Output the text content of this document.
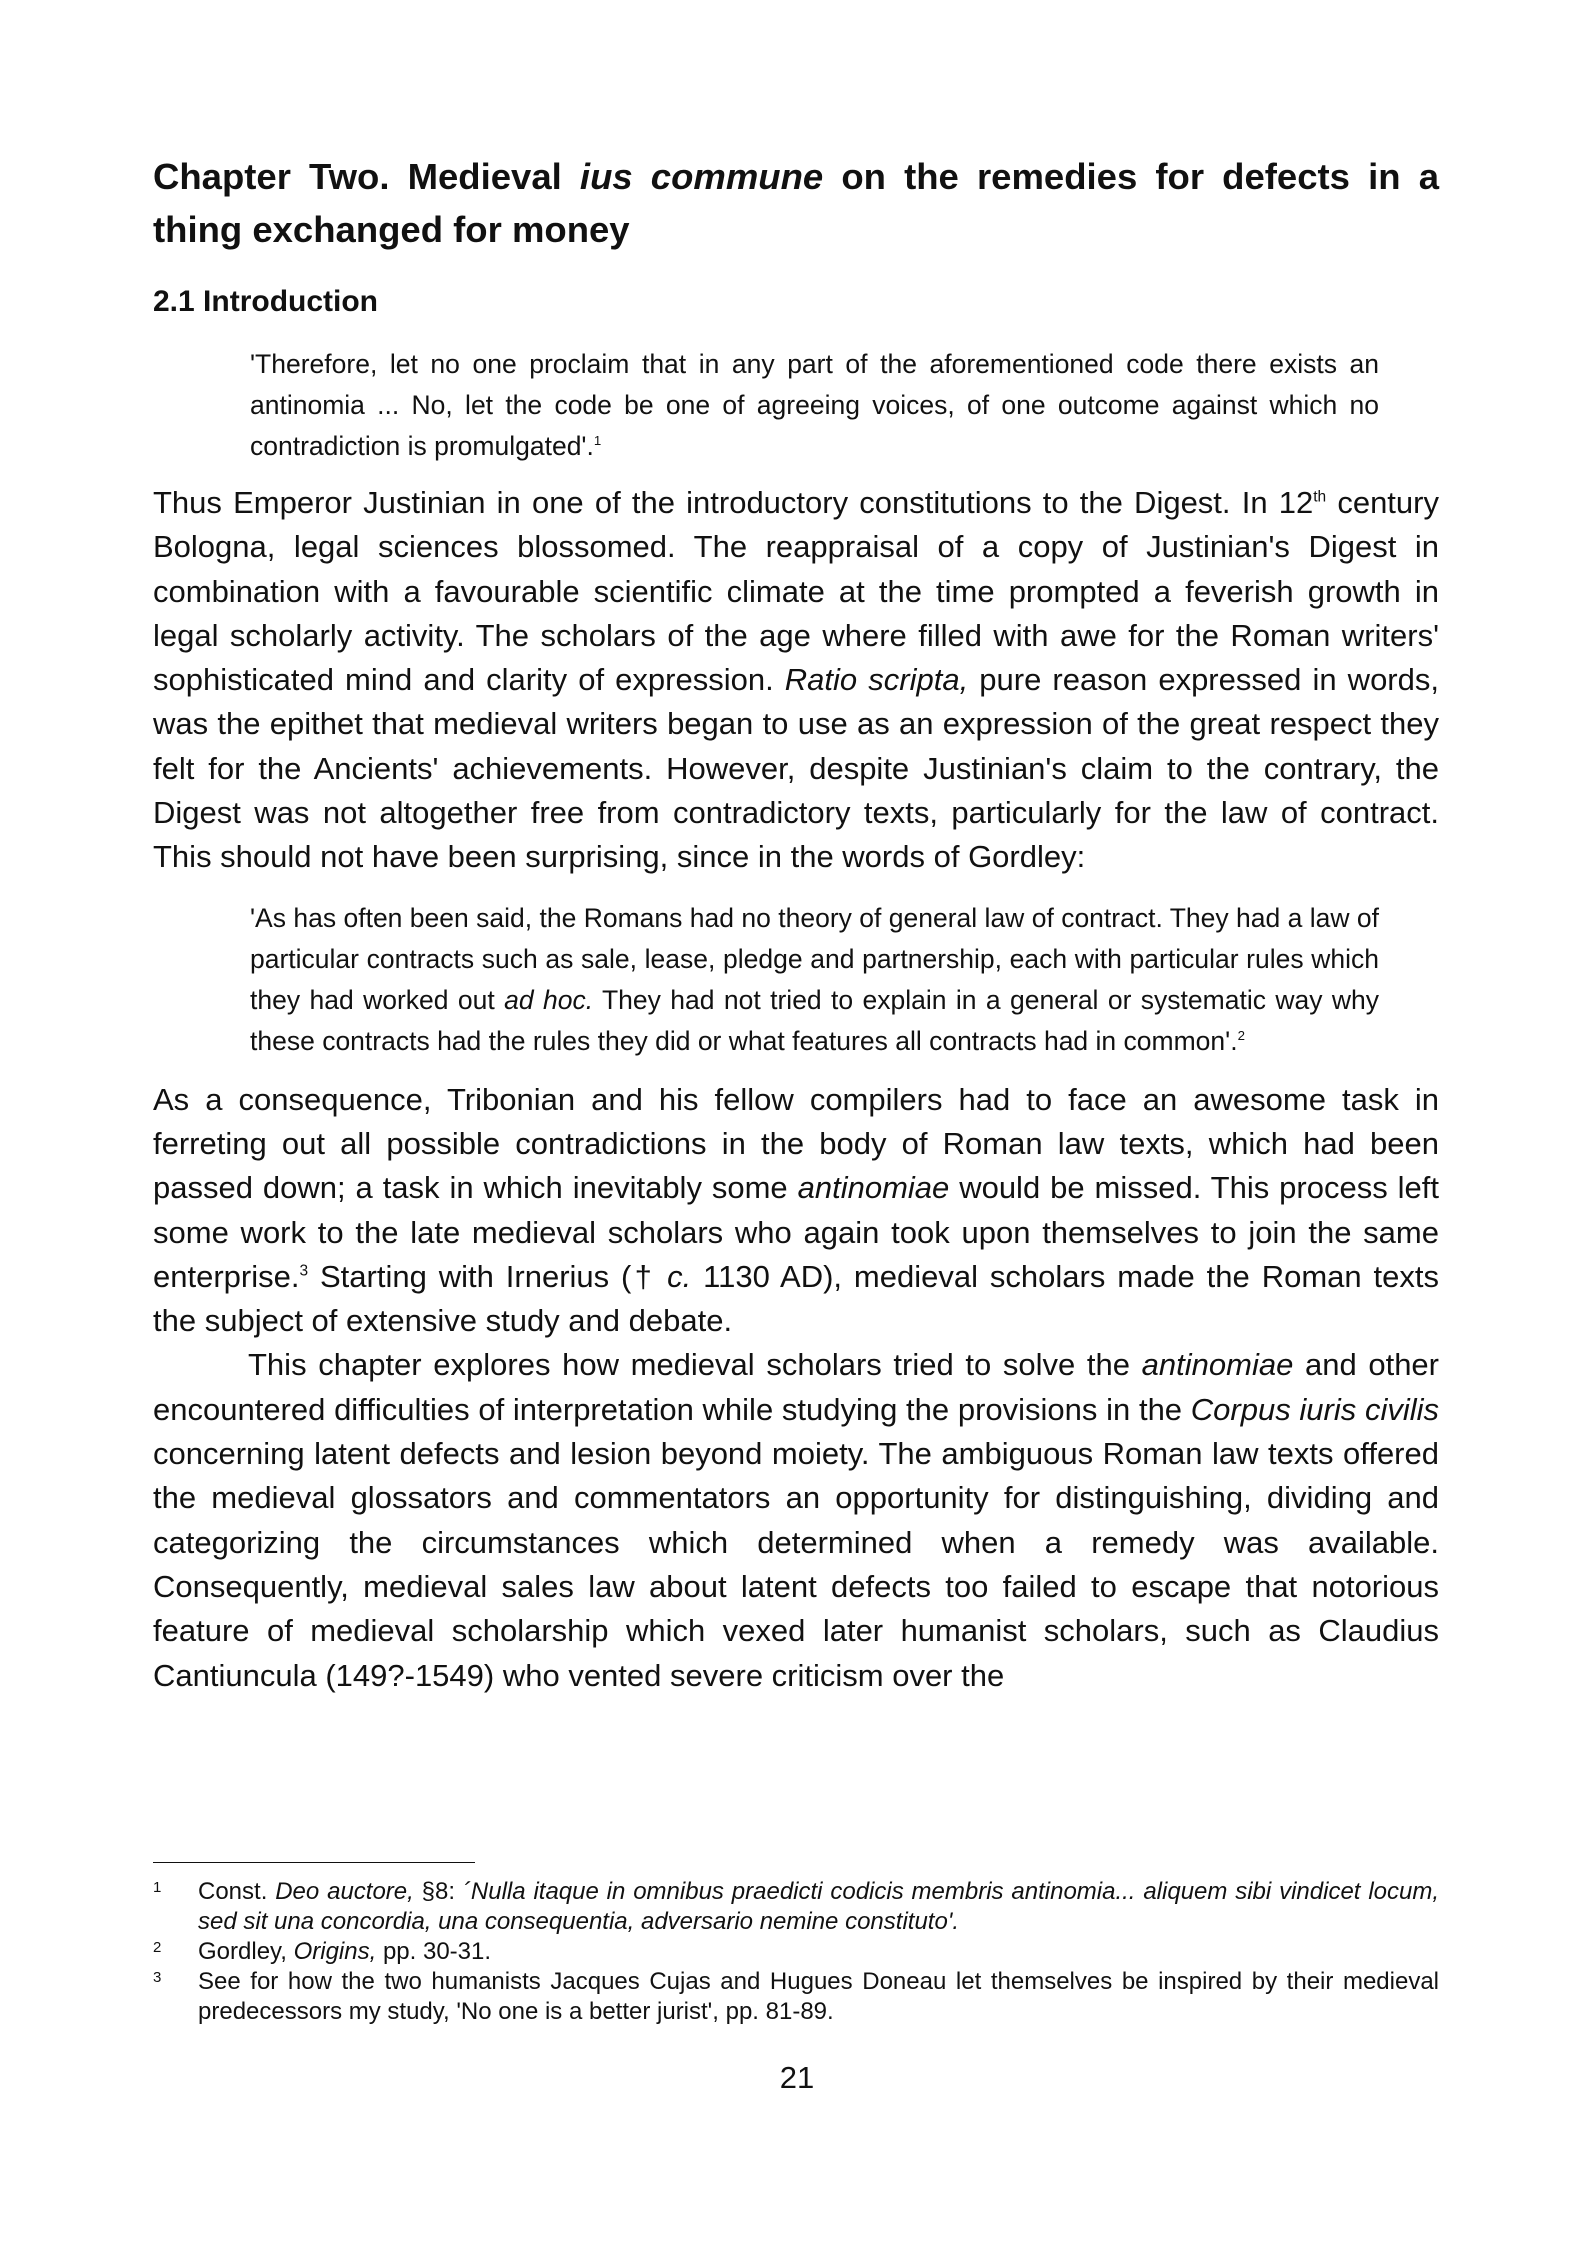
Chapter Two. Medieval ius commune on the remedies for defects in a thing exchanged for money
2.1 Introduction
'Therefore, let no one proclaim that in any part of the aforementioned code there exists an antinomia ... No, let the code be one of agreeing voices, of one outcome against which no contradiction is promulgated'.$^1$

Thus Emperor Justinian in one of the introductory constitutions to the Digest. In 12th century Bologna, legal sciences blossomed. The reappraisal of a copy of Justinian's Digest in combination with a favourable scientific climate at the time prompted a feverish growth in legal scholarly activity. The scholars of the age where filled with awe for the Roman writers' sophisticated mind and clarity of expression. Ratio scripta, pure reason expressed in words, was the epithet that medieval writers began to use as an expression of the great respect they felt for the Ancients' achievements. However, despite Justinian's claim to the contrary, the Digest was not altogether free from contradictory texts, particularly for the law of contract. This should not have been surprising, since in the words of Gordley:

'As has often been said, the Romans had no theory of general law of contract. They had a law of particular contracts such as sale, lease, pledge and partnership, each with particular rules which they had worked out ad hoc. They had not tried to explain in a general or systematic way why these contracts had the rules they did or what features all contracts had in common'.$^2$

As a consequence, Tribonian and his fellow compilers had to face an awesome task in ferreting out all possible contradictions in the body of Roman law texts, which had been passed down; a task in which inevitably some antinomiae would be missed. This process left some work to the late medieval scholars who again took upon themselves to join the same enterprise.$^3$ Starting with Irnerius († c. 1130 AD), medieval scholars made the Roman texts the subject of extensive study and debate.

This chapter explores how medieval scholars tried to solve the antinomiae and other encountered difficulties of interpretation while studying the provisions in the Corpus iuris civilis concerning latent defects and lesion beyond moiety. The ambiguous Roman law texts offered the medieval glossators and commentators an opportunity for distinguishing, dividing and categorizing the circumstances which determined when a remedy was available. Consequently, medieval sales law about latent defects too failed to escape that notorious feature of medieval scholarship which vexed later humanist scholars, such as Claudius Cantiuncula (149?-1549) who vented severe criticism over the

1	Const. Deo auctore, §8: ´Nulla itaque in omnibus praedicti codicis membris antinomia... aliquem sibi vindicet locum, sed sit una concordia, una consequentia, adversario nemine constituto'.
2	Gordley, Origins, pp. 30-31.
3	See for how the two humanists Jacques Cujas and Hugues Doneau let themselves be inspired by their medieval predecessors my study, 'No one is a better jurist', pp. 81-89.
21
